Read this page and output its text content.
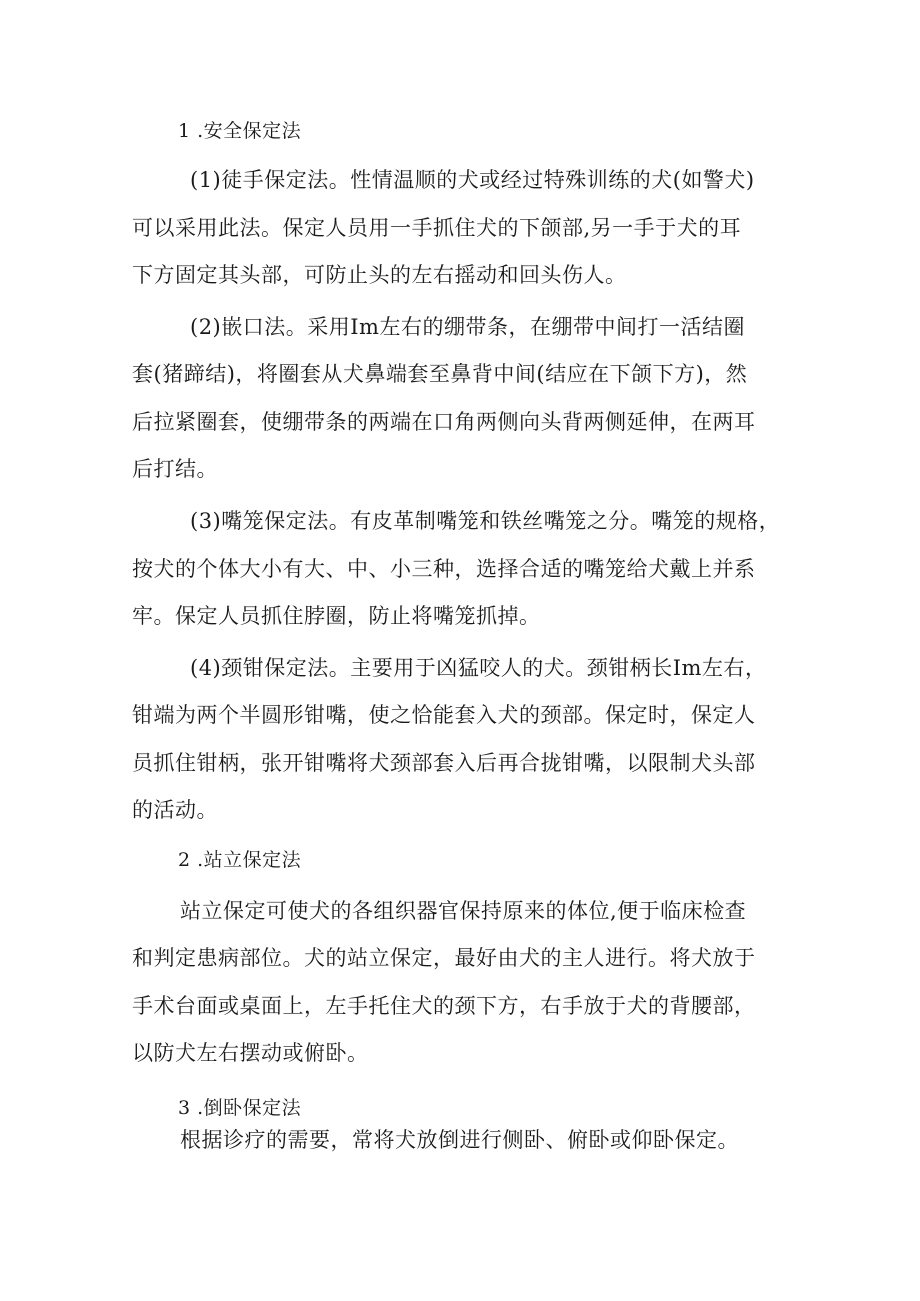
1 .安全保定法
(1)徒手保定法。性情温顺的犬或经过特殊训练的犬(如警犬)
可以采用此法。保定人员用一手抓住犬的下颌部,另一手于犬的耳
下方固定其头部，可防止头的左右摇动和回头伤人。
(2)嵌口法。采用Im左右的绷带条，在绷带中间打一活结圈
套(猪蹄结)，将圈套从犬鼻端套至鼻背中间(结应在下颌下方)，然
后拉紧圈套，使绷带条的两端在口角两侧向头背两侧延伸，在两耳
后打结。
(3)嘴笼保定法。有皮革制嘴笼和铁丝嘴笼之分。嘴笼的规格，
按犬的个体大小有大、中、小三种，选择合适的嘴笼给犬戴上并系
牢。保定人员抓住脖圈，防止将嘴笼抓掉。
(4)颈钳保定法。主要用于凶猛咬人的犬。颈钳柄长Im左右，
钳端为两个半圆形钳嘴，使之恰能套入犬的颈部。保定时，保定人
员抓住钳柄，张开钳嘴将犬颈部套入后再合拢钳嘴，以限制犬头部
的活动。
2 .站立保定法
站立保定可使犬的各组织器官保持原来的体位,便于临床检查
和判定患病部位。犬的站立保定，最好由犬的主人进行。将犬放于
手术台面或桌面上，左手托住犬的颈下方，右手放于犬的背腰部，
以防犬左右摆动或俯卧。
3 .倒卧保定法
根据诊疗的需要，常将犬放倒进行侧卧、俯卧或仰卧保定。
